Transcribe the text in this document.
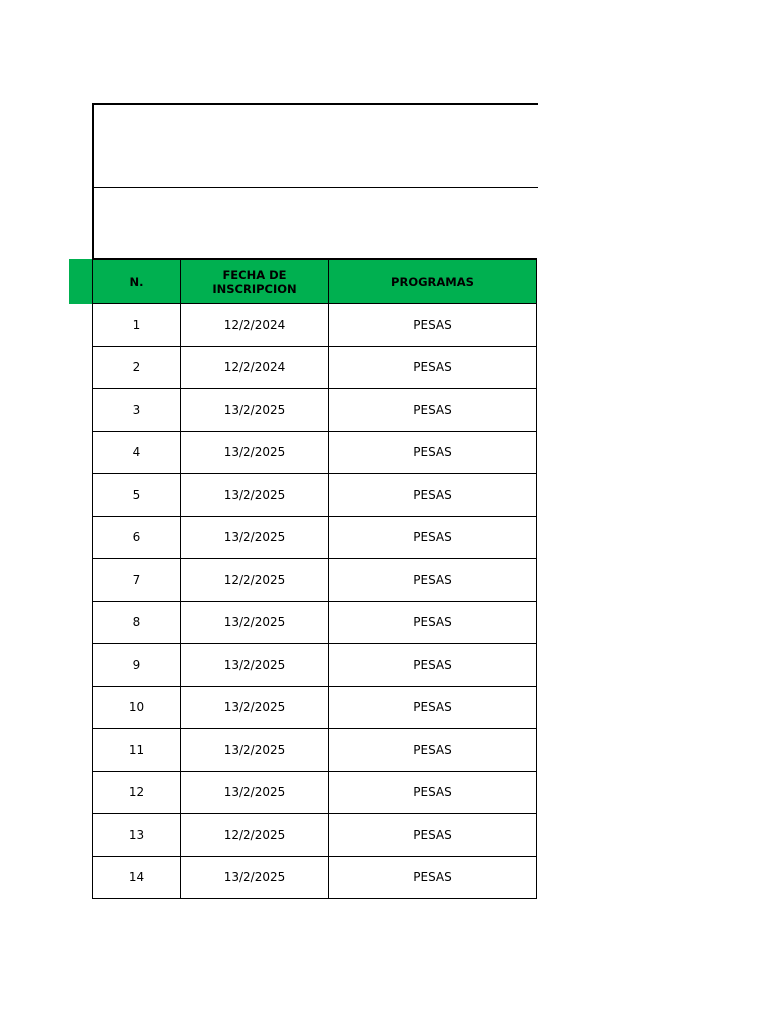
N.	FECHA DE INSCRIPCION	PROGRAMAS
1	12/2/2024	PESAS
2	12/2/2024	PESAS
3	13/2/2025	PESAS
4	13/2/2025	PESAS
5	13/2/2025	PESAS
6	13/2/2025	PESAS
7	12/2/2025	PESAS
8	13/2/2025	PESAS
9	13/2/2025	PESAS
10	13/2/2025	PESAS
11	13/2/2025	PESAS
12	13/2/2025	PESAS
13	12/2/2025	PESAS
14	13/2/2025	PESAS
